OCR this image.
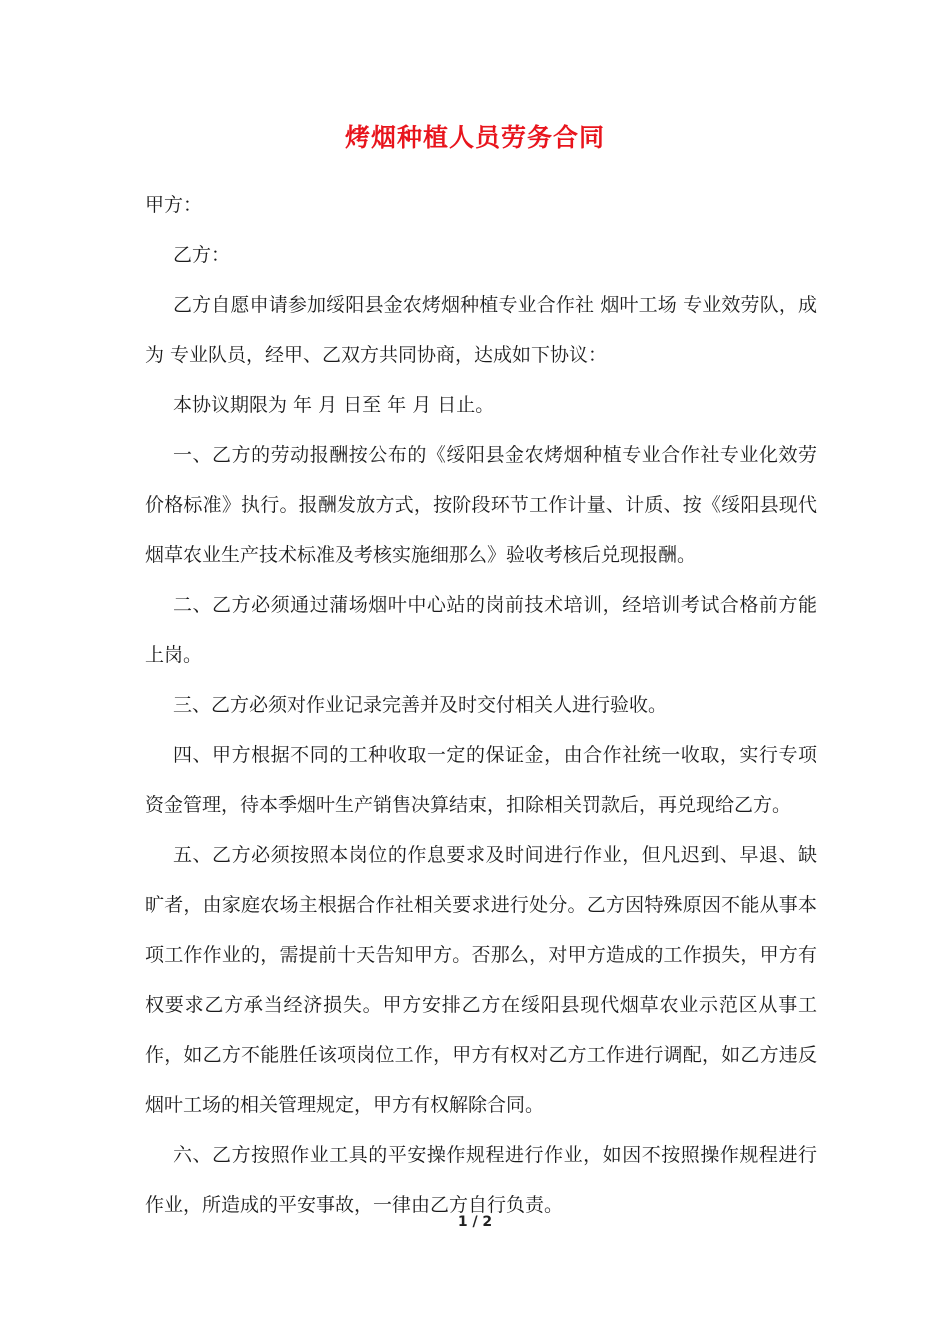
烤烟种植人员劳务合同

甲方：

乙方：

乙方自愿申请参加绥阳县金农烤烟种植专业合作社 烟叶工场 专业效劳队，成为 专业队员，经甲、乙双方共同协商，达成如下协议：

本协议期限为 年 月 日至 年 月 日止。

一、乙方的劳动报酬按公布的《绥阳县金农烤烟种植专业合作社专业化效劳价格标准》执行。报酬发放方式，按阶段环节工作计量、计质、按《绥阳县现代烟草农业生产技术标准及考核实施细那么》验收考核后兑现报酬。

二、乙方必须通过蒲场烟叶中心站的岗前技术培训，经培训考试合格前方能上岗。

三、乙方必须对作业记录完善并及时交付相关人进行验收。

四、甲方根据不同的工种收取一定的保证金，由合作社统一收取，实行专项资金管理，待本季烟叶生产销售决算结束，扣除相关罚款后，再兑现给乙方。

五、乙方必须按照本岗位的作息要求及时间进行作业，但凡迟到、早退、缺旷者，由家庭农场主根据合作社相关要求进行处分。乙方因特殊原因不能从事本项工作作业的，需提前十天告知甲方。否那么，对甲方造成的工作损失，甲方有权要求乙方承当经济损失。甲方安排乙方在绥阳县现代烟草农业示范区从事工作，如乙方不能胜任该项岗位工作，甲方有权对乙方工作进行调配，如乙方违反烟叶工场的相关管理规定，甲方有权解除合同。

六、乙方按照作业工具的平安操作规程进行作业，如因不按照操作规程进行作业，所造成的平安事故，一律由乙方自行负责。

1 / 2
